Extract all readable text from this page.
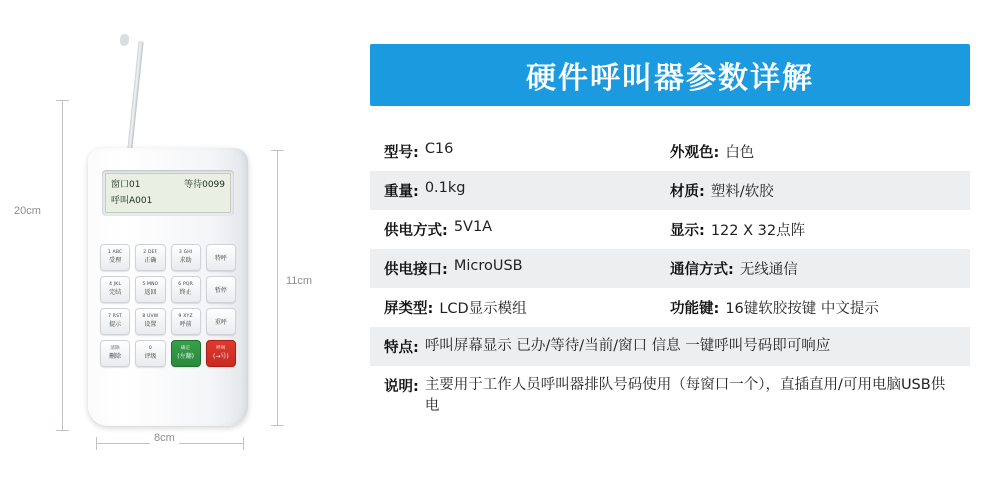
窗口01	等待0099
呼叫A001
1 ABC
受理
2 DEF
正确
3 GHI
求助	特呼
4 JKL
完结
5 MNO
返回
6 PQR
终止	暂停
7 RST
提示
8 UVW
设置
9 XYZ
呼前	重呼
清除
删除
0
评级
确定
(左翻)
呼叫
(→号)
20cm
11cm
8cm
硬件呼叫器参数详解
型号: C16	外观色: 白色
重量: 0.1kg	材质: 塑料/软胶
供电方式: 5V1A	显示: 122 X 32点阵
供电接口: MicroUSB	通信方式: 无线通信
屏类型: LCD显示模组	功能键: 16键软胶按键 中文提示
特点: 呼叫屏幕显示 已办/等待/当前/窗口 信息 一键呼叫号码即可响应
说明: 主要用于工作人员呼叫器排队号码使用（每窗口一个），直插直用/可用电脑USB供电
